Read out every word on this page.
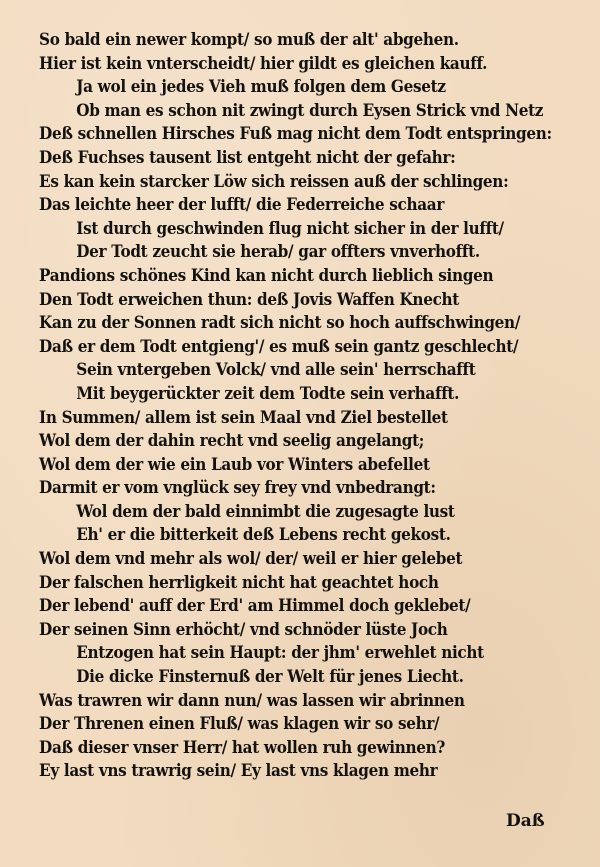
So bald ein newer kompt/ so muß der alt' abgehen.
Hier ist kein vnterscheidt/ hier gildt es gleichen kauff.
Ja wol ein jedes Vieh muß folgen dem Gesetz
Ob man es schon nit zwingt durch Eysen Strick vnd Netz
Deß schnellen Hirsches Fuß mag nicht dem Todt entspringen:
Deß Fuchses tausent list entgeht nicht der gefahr:
Es kan kein starcker Löw sich reissen auß der schlingen:
Das leichte heer der lufft/ die Federreiche schaar
Ist durch geschwinden flug nicht sicher in der lufft/
Der Todt zeucht sie herab/ gar offters vnverhofft.
Pandions schönes Kind kan nicht durch lieblich singen
Den Todt erweichen thun: deß Jovis Waffen Knecht
Kan zu der Sonnen radt sich nicht so hoch auffschwingen/
Daß er dem Todt entgieng'/ es muß sein gantz geschlecht/
Sein vntergeben Volck/ vnd alle sein' herrschafft
Mit beygerückter zeit dem Todte sein verhafft.
In Summen/ allem ist sein Maal vnd Ziel bestellet
Wol dem der dahin recht vnd seelig angelangt;
Wol dem der wie ein Laub vor Winters abefellet
Darmit er vom vnglück sey frey vnd vnbedrangt:
Wol dem der bald einnimbt die zugesagte lust
Eh' er die bitterkeit deß Lebens recht gekost.
Wol dem vnd mehr als wol/ der/ weil er hier gelebet
Der falschen herrligkeit nicht hat geachtet hoch
Der lebend' auff der Erd' am Himmel doch geklebet/
Der seinen Sinn erhöcht/ vnd schnöder lüste Joch
Entzogen hat sein Haupt: der jhm' erwehlet nicht
Die dicke Finsternuß der Welt für jenes Liecht.
Was trawren wir dann nun/ was lassen wir abrinnen
Der Threnen einen Fluß/ was klagen wir so sehr/
Daß dieser vnser Herr/ hat wollen ruh gewinnen?
Ey last vns trawrig sein/ Ey last vns klagen mehr
Daß
